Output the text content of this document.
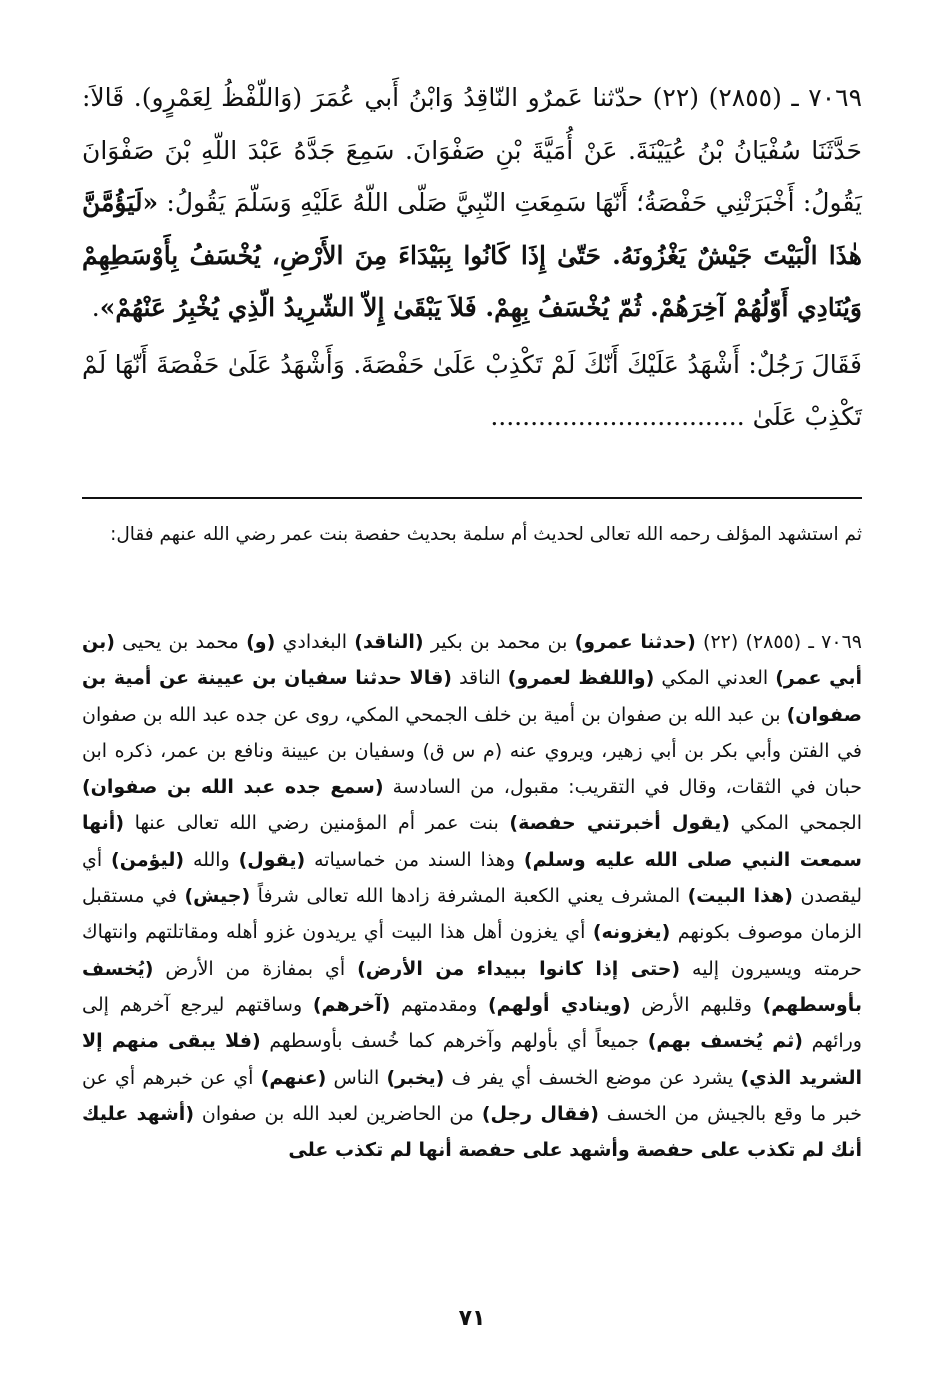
٧٠٦٩ ـ (٢٨٥٥) (٢٢) حدّثنا عَمرٌو النّاقِدُ وَابْنُ أَبي عُمَرَ (وَاللّفْظُ لِعَمْرٍو). قَالاَ: حَدَّثَنَا سُفْيَانُ بْنُ عُيَيْنَةَ. عَنْ أُمَيَّةَ بْنِ صَفْوَانَ. سَمِعَ جَدَّهُ عَبْدَ اللّهِ بْنَ صَفْوَانَ يَقُولُ: أَخْبَرَتْنِي حَفْصَةُ؛ أَنّهَا سَمِعَتِ النّبِيَّ صَلّى اللّهُ عَلَيْهِ وَسَلّمَ يَقُولُ: «لَيَؤُمَّنَّ هٰذَا الْبَيْتَ جَيْشٌ يَغْزُونَهُ. حَتّىٰ إِذَا كَانُوا بِبَيْدَاءَ مِنَ الأَرْضِ، يُخْسَفُ بِأَوْسَطِهِمْ وَيُنَادِي أَوّلُهُمْ آخِرَهُمْ. ثُمّ يُخْسَفُ بِهِمْ. فَلاَ يَبْقَىٰ إِلاّ الشّرِيدُ الّذِي يُخْبِرُ عَنْهُمْ».

فَقَالَ رَجُلٌ: أَشْهَدُ عَلَيْكَ أَنّكَ لَمْ تَكْذِبْ عَلَىٰ حَفْصَةَ. وَأَشْهَدُ عَلَىٰ حَفْصَةَ أَنّهَا لَمْ تَكْذِبْ عَلَىٰ ................................

ثم استشهد المؤلف رحمه الله تعالى لحديث أم سلمة بحديث حفصة بنت عمر رضي الله عنهم فقال:

٧٠٦٩ ـ (٢٨٥٥) (٢٢) (حدثنا عمرو) بن محمد بن بكير (الناقد) البغدادي (و) محمد بن يحيى (بن أبي عمر) العدني المكي (واللفظ لعمرو) الناقد (قالا حدثنا سفيان بن عيينة عن أمية بن صفوان) بن عبد الله بن صفوان بن أمية بن خلف الجمحي المكي، روى عن جده عبد الله بن صفوان في الفتن وأبي بكر بن أبي زهير، ويروي عنه (م س ق) وسفيان بن عيينة ونافع بن عمر، ذكره ابن حبان في الثقات، وقال في التقريب: مقبول، من السادسة (سمع جده عبد الله بن صفوان) الجمحي المكي (يقول أخبرتني حفصة) بنت عمر أم المؤمنين رضي الله تعالى عنها (أنها سمعت النبي صلى الله عليه وسلم) وهذا السند من خماسياته (يقول) والله (ليؤمن) أي ليقصدن (هذا البيت) المشرف يعني الكعبة المشرفة زادها الله تعالى شرفاً (جيش) في مستقبل الزمان موصوف بكونهم (يغزونه) أي يغزون أهل هذا البيت أي يريدون غزو أهله ومقاتلتهم وانتهاك حرمته ويسيرون إليه (حتى إذا كانوا ببيداء من الأرض) أي بمفازة من الأرض (يُخسف بأوسطهم) وقلبهم الأرض (وينادي أولهم) ومقدمتهم (آخرهم) وساقتهم ليرجع آخرهم إلى ورائهم (ثم يُخسف بهم) جميعاً أي بأولهم وآخرهم كما خُسف بأوسطهم (فلا يبقى منهم إلا الشريد الذي) يشرد عن موضع الخسف أي يفر ف (يخبر) الناس (عنهم) أي عن خبرهم أي عن خبر ما وقع بالجيش من الخسف (فقال رجل) من الحاضرين لعبد الله بن صفوان (أشهد عليك أنك لم تكذب على حفصة وأشهد على حفصة أنها لم تكذب على

٧١
